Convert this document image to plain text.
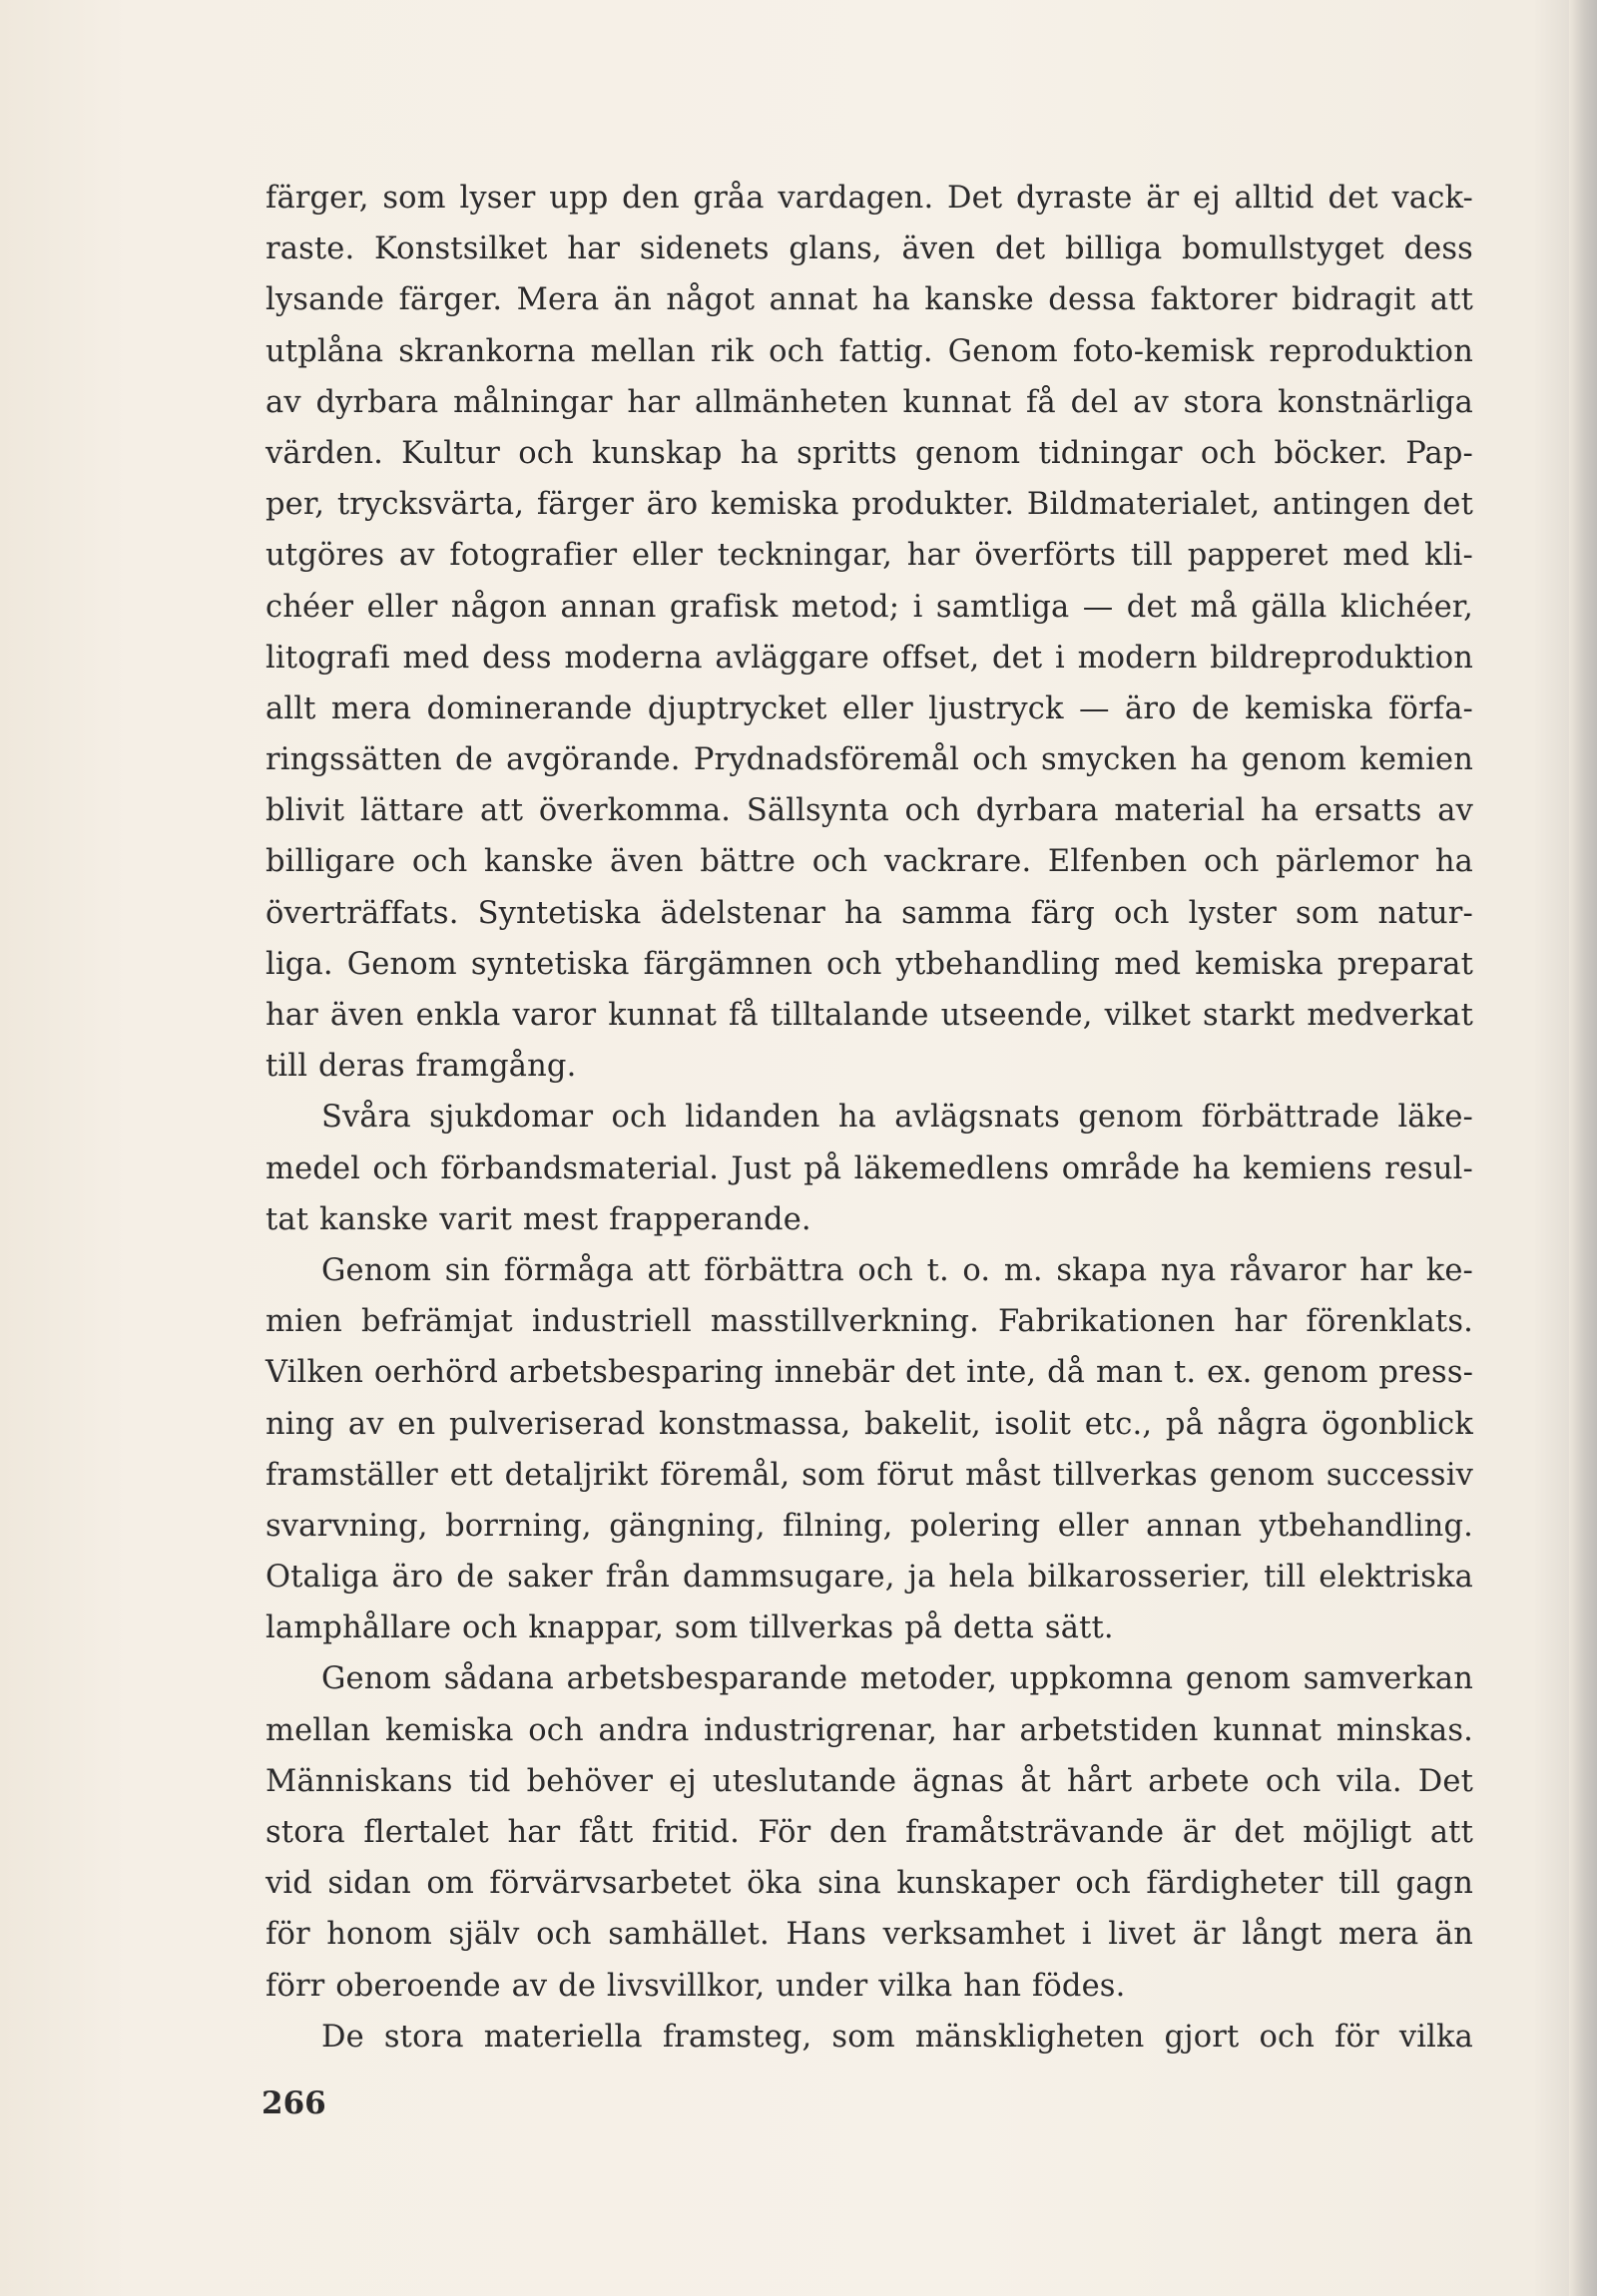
färger, som lyser upp den gråa vardagen. Det dyraste är ej alltid det vack-
raste. Konstsilket har sidenets glans, även det billiga bomullstyget dess
lysande färger. Mera än något annat ha kanske dessa faktorer bidragit att
utplåna skrankorna mellan rik och fattig. Genom foto-kemisk reproduktion
av dyrbara målningar har allmänheten kunnat få del av stora konstnärliga
värden. Kultur och kunskap ha spritts genom tidningar och böcker. Pap-
per, trycksvärta, färger äro kemiska produkter. Bildmaterialet, antingen det
utgöres av fotografier eller teckningar, har överförts till papperet med kli-
chéer eller någon annan grafisk metod; i samtliga — det må gälla klichéer,
litografi med dess moderna avläggare offset, det i modern bildreproduktion
allt mera dominerande djuptrycket eller ljustryck — äro de kemiska förfa-
ringssätten de avgörande. Prydnadsföremål och smycken ha genom kemien
blivit lättare att överkomma. Sällsynta och dyrbara material ha ersatts av
billigare och kanske även bättre och vackrare. Elfenben och pärlemor ha
överträffats. Syntetiska ädelstenar ha samma färg och lyster som natur-
liga. Genom syntetiska färgämnen och ytbehandling med kemiska preparat
har även enkla varor kunnat få tilltalande utseende, vilket starkt medverkat
till deras framgång.
Svåra sjukdomar och lidanden ha avlägsnats genom förbättrade läke-
medel och förbandsmaterial. Just på läkemedlens område ha kemiens resul-
tat kanske varit mest frapperande.
Genom sin förmåga att förbättra och t. o. m. skapa nya råvaror har ke-
mien befrämjat industriell masstillverkning. Fabrikationen har förenklats.
Vilken oerhörd arbetsbesparing innebär det inte, då man t. ex. genom press-
ning av en pulveriserad konstmassa, bakelit, isolit etc., på några ögonblick
framställer ett detaljrikt föremål, som förut måst tillverkas genom successiv
svarvning, borrning, gängning, filning, polering eller annan ytbehandling.
Otaliga äro de saker från dammsugare, ja hela bilkarosserier, till elektriska
lamphållare och knappar, som tillverkas på detta sätt.
Genom sådana arbetsbesparande metoder, uppkomna genom samverkan
mellan kemiska och andra industrigrenar, har arbetstiden kunnat minskas.
Människans tid behöver ej uteslutande ägnas åt hårt arbete och vila. Det
stora flertalet har fått fritid. För den framåtsträvande är det möjligt att
vid sidan om förvärvsarbetet öka sina kunskaper och färdigheter till gagn
för honom själv och samhället. Hans verksamhet i livet är långt mera än
förr oberoende av de livsvillkor, under vilka han födes.
De stora materiella framsteg, som mänskligheten gjort och för vilka
266
